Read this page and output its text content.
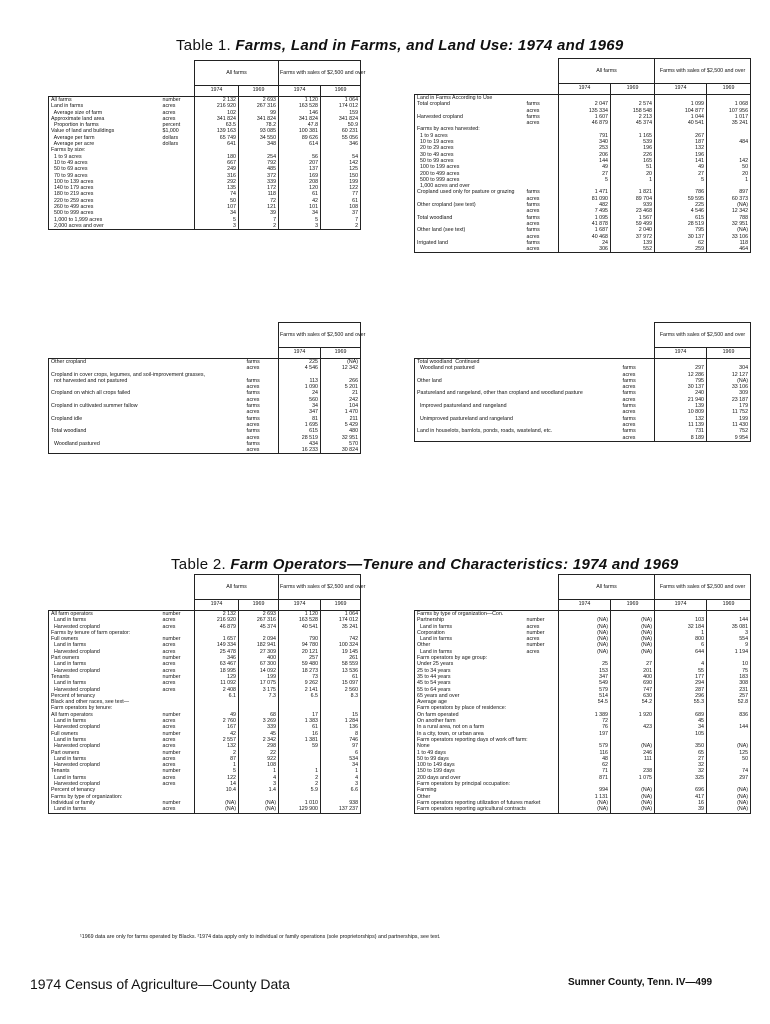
Table 1. Farms, Land in Farms, and Land Use: 1974 and 1969
		All farms		Farms with sales of $2,500 and over	
		1974	1969	1974	1969
All farms	number	2 132	2 693	1 120	1 064

Land in farms	acres	216 920	267 316	163 528	174 012
Average size of farm	acres	102	99	146	159

Approximate land area	acres	341 824	341 824	341 824	341 824
Proportion in farms	percent	63.5	78.2	47.8	50.9

Value of land and buildings	$1,000	139 163	93 085	100 381	60 231
Average per farm	dollars	65 749	34 550	89 626	55 056
Average per acre	dollars	641	348	614	346

Farms by size:					
1 to 9 acres		180	254	56	54
10 to 49 acres		667	792	207	142
50 to 69 acres		249	485	137	125
70 to 99 acres		316	372	169	150
100 to 139 acres		292	339	208	199
140 to 179 acres		135	172	120	122

180 to 219 acres		74	118	61	77
220 to 259 acres		50	72	42	61
260 to 499 acres		107	121	101	108
500 to 999 acres		34	39	34	37
1,000 to 1,999 acres		5	7	5	7
2,000 acres and over		3	2	3	2
		All farms		Farms with sales of $2,500 and over	
		1974	1969	1974	1969
Land in Farms According to Use					
Total cropland	farms	2 047	2 574	1 099	1 068
	acres	135 334	158 548	104 877	107 956
Harvested cropland	farms	1 607	2 213	1 044	1 017
	acres	46 879	45 374	40 541	35 241
Farms by acres harvested:					
1 to 9 acres		791	1 165	267	
10 to 19 acres		340	539	187	484
20 to 29 acres		253	196	132	
30 to 49 acres		206	226	196	
50 to 99 acres		144	165	141	142
100 to 199 acres		49	51	49	50
200 to 499 acres		27	20	27	20
500 to 999 acres		5	1	5	1
1,000 acres and over					
Cropland used only for pasture or grazing	farms	1 471	1 821	786	897
	acres	81 090	89 704	59 595	60 373
Other cropland (see text)	farms	482	939	225	(NA)
	acres	7 495	23 468	4 546	12 342
Total woodland	farms	1 095	1 567	615	788
	acres	41 878	59 499	28 519	32 951
Other land (see text)	farms	1 687	2 040	795	(NA)
	acres	40 468	37 972	30 137	33 106
Irrigated land	farms	24	139	62	118
	acres	306	552	259	464
		Farms with sales of $2,500 and over	
		1974	1969
Other cropland	farms	225	(NA)
	acres	4 546	12 342
Cropland in cover crops, legumes, and soil-improvement grasses,			
not harvested and not pastured	farms	113	266
	acres	1 090	5 201
Cropland on which all crops failed	farms	24	21
	acres	560	242
Cropland in cultivated summer fallow	farms	34	104
	acres	347	1 470
Cropland idle	farms	81	211
	acres	1 695	5 429
Total woodland	farms	615	480
	acres	28 519	32 951
Woodland pastured	farms	434	570
	acres	16 233	30 824
		Farms with sales of $2,500 and over	
		1974	1969
Total woodland  Continued			
Woodland not pastured	farms	297	304
	acres	12 286	12 127
Other land	farms	795	(NA)
	acres	30 137	33 106
Pastureland and rangeland, other than cropland and woodland pasture	farms	240	309
	acres	21 940	23 187
Improved pastureland and rangeland	farms	139	179
	acres	10 809	11 752
Unimproved pastureland and rangeland	farms	132	199
	acres	11 139	11 430
Land in houselots, barnlots, ponds, roads, wasteland, etc.	farms	731	752
	acres	8 189	9 954
Table 2. Farm Operators—Tenure and Characteristics: 1974 and 1969
		All farms		Farms with sales of $2,500 and over	
		1974	1969	1974	1969
All farm operators	number	2 132	2 693	1 120	1 064
Land in farms	acres	216 920	267 316	163 528	174 012
Harvested cropland	acres	46 879	45 374	40 541	35 241
Farms by tenure of farm operator:					
Full owners	number	1 657	2 094	790	742
Land in farms	acres	149 334	182 941	94 780	100 324
Harvested cropland	acres	25 478	27 309	20 121	19 145
Part owners	number	346	400	257	261
Land in farms	acres	63 467	67 300	59 480	58 559
Harvested cropland	acres	18 995	14 092	18 273	13 536
Tenants	number	129	199	73	61
Land in farms	acres	11 092	17 075	9 262	15 097
Harvested cropland	acres	2 408	3 175	2 141	2 560
Percent of tenancy		6.1	7.3	6.5	8.3
Black and other races, see text—					
Farm operators by tenure:					
All farm operators	number	49	68	17	15
Land in farms	acres	2 760	3 269	1 383	1 284
Harvested cropland	acres	167	339	61	136
Full owners	number	42	45	16	8
Land in farms	acres	2 557	2 342	1 381	746
Harvested cropland	acres	132	298	59	97
Part owners	number	2	22		6
Land in farms	acres	87	922		534
Harvested cropland	acres	1	108		34
Tenants	number	5	1	1	1
Land in farms	acres	122	4	2	4
Harvested cropland	acres	14	3	2	3
Percent of tenancy		10.4	1.4	5.9	6.6
Farms by type of organization:					
Individual or family	number	(NA)	(NA)	1 010	938
Land in farms	acres	(NA)	(NA)	129 900	137 237
		All farms		Farms with sales of $2,500 and over	
		1974	1969	1974	1969
Farms by type of organization—Con.					
Partnership	number	(NA)	(NA)	103	144
Land in farms	acres	(NA)	(NA)	32 184	35 081
Corporation	number	(NA)	(NA)	1	3
Land in farms	acres	(NA)	(NA)	800	554
Other	number	(NA)	(NA)	6	9
Land in farms	acres	(NA)	(NA)	644	1 194
Farm operators by age group:					
Under 25 years		25	27	4	10
25 to 34 years		153	201	55	75
35 to 44 years		347	400	177	183
45 to 54 years		549	690	294	308
55 to 64 years		579	747	287	231
65 years and over		514	630	296	257
Average age		54.5	54.2	55.3	52.8
Farm operators by place of residence:					
On farm operated		1 389	1 920	689	836
On another farm		72		45	
In a rural area, not on a farm		76	423	34	144
In a city, town, or urban area		197		105	
Farm operators reporting days of work off farm:					
None		579	(NA)	350	(NA)
1 to 49 days		116	246	65	125
50 to 99 days		48	111	27	50
100 to 149 days		62		32	
150 to 199 days		71	238	32	74
200 days and over		871	1 075	325	297
Farm operators by principal occupation:					
Farming		994	(NA)	696	(NA)
Other		1 131	(NA)	417	(NA)
Farm operators reporting utilization of futures market		(NA)	(NA)	16	(NA)
Farm operators reporting agricultural contracts		(NA)	(NA)	39	(NA)
¹1969 data are only for farms operated by Blacks. ²1974 data apply only to individual or family operations (sole proprietorships) and partnerships, see text.
1974 Census of Agriculture—County Data	Sumner County, Tenn. IV—499
